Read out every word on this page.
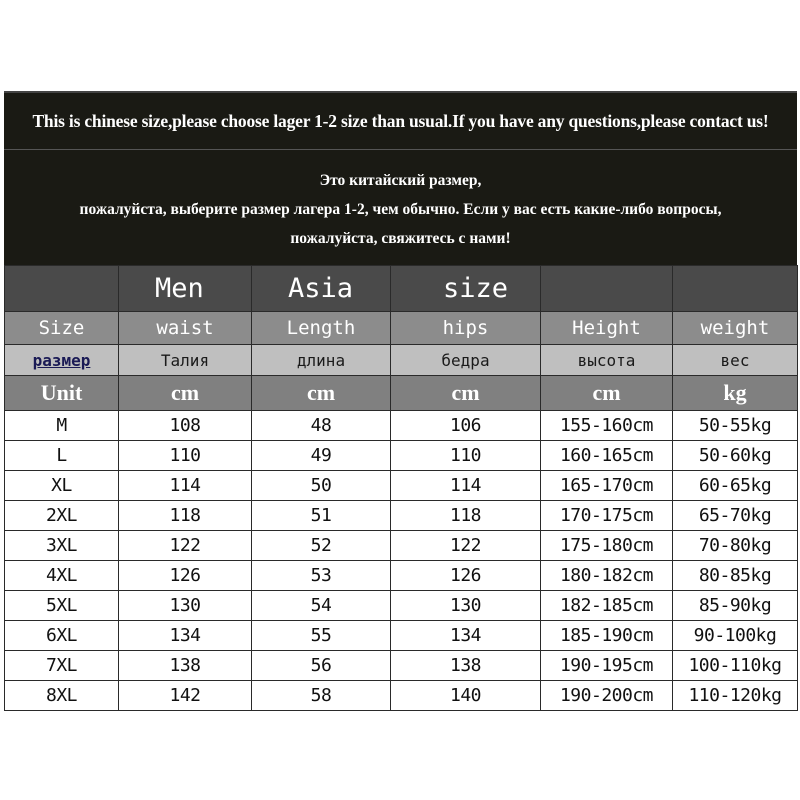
This is chinese size,please choose lager 1-2 size than usual.If you have any questions,please contact us!
Это китайский размер,
пожалуйста, выберите размер лагера 1-2, чем обычно. Если у вас есть какие-либо вопросы,
пожалуйста, свяжитесь с нами!
	Men	Asia	size		
Size	waist	Length	hips	Height	weight
размер	Талия	длина	бедра	высота	вес
Unit	cm	cm	cm	cm	kg
M	108	48	106	155-160cm	50-55kg
L	110	49	110	160-165cm	50-60kg
XL	114	50	114	165-170cm	60-65kg
2XL	118	51	118	170-175cm	65-70kg
3XL	122	52	122	175-180cm	70-80kg
4XL	126	53	126	180-182cm	80-85kg
5XL	130	54	130	182-185cm	85-90kg
6XL	134	55	134	185-190cm	90-100kg
7XL	138	56	138	190-195cm	100-110kg
8XL	142	58	140	190-200cm	110-120kg
